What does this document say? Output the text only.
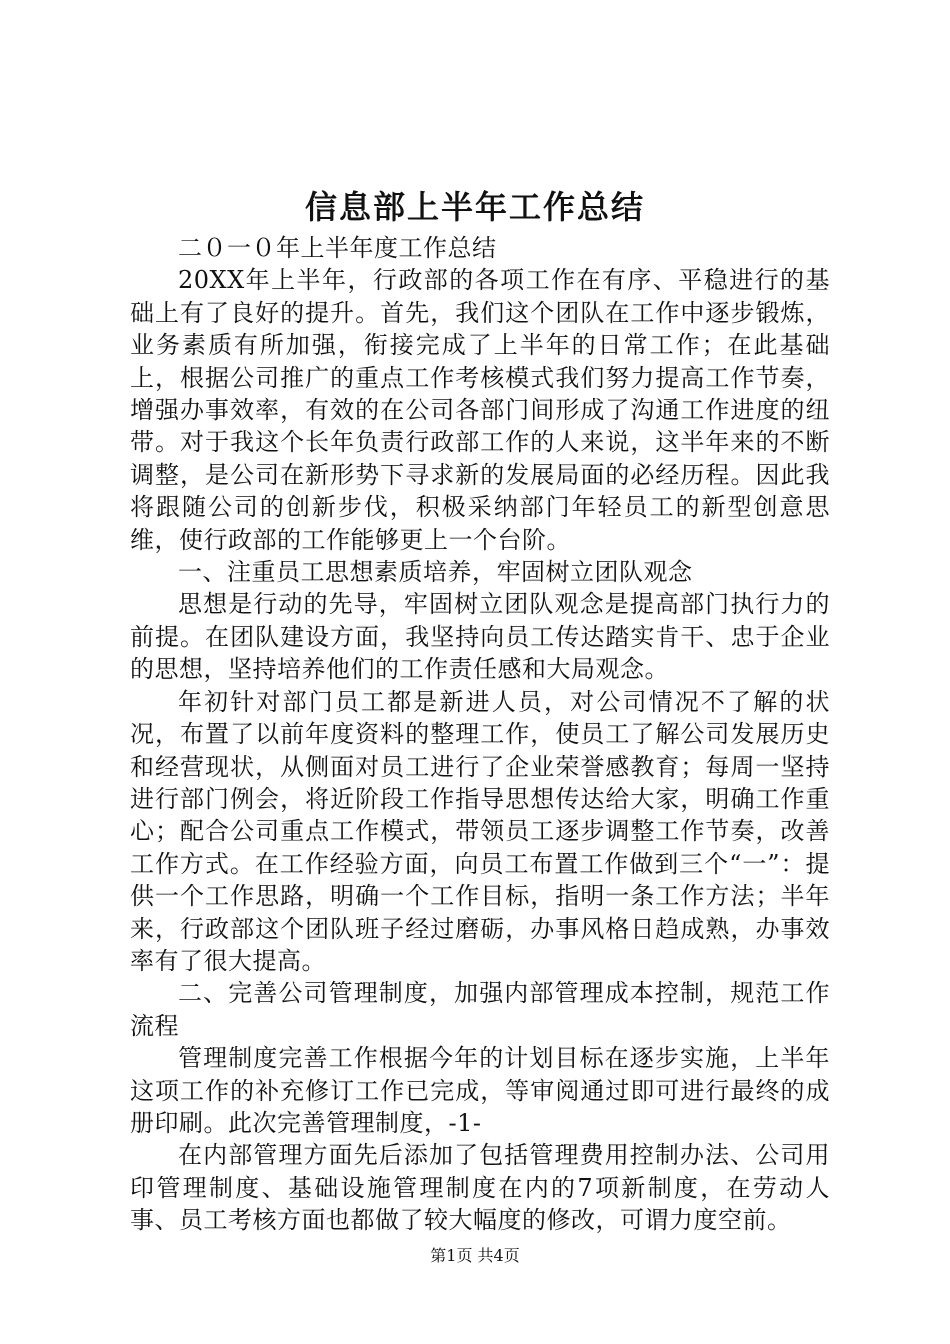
信息部上半年工作总结

二０一０年上半年度工作总结

20XX年上半年，行政部的各项工作在有序、平稳进行的基础上有了良好的提升。首先，我们这个团队在工作中逐步锻炼，业务素质有所加强，衔接完成了上半年的日常工作；在此基础上，根据公司推广的重点工作考核模式我们努力提高工作节奏，增强办事效率，有效的在公司各部门间形成了沟通工作进度的纽带。对于我这个长年负责行政部工作的人来说，这半年来的不断调整，是公司在新形势下寻求新的发展局面的必经历程。因此我将跟随公司的创新步伐，积极采纳部门年轻员工的新型创意思维，使行政部的工作能够更上一个台阶。

一、注重员工思想素质培养，牢固树立团队观念

思想是行动的先导，牢固树立团队观念是提高部门执行力的前提。在团队建设方面，我坚持向员工传达踏实肯干、忠于企业的思想，坚持培养他们的工作责任感和大局观念。

年初针对部门员工都是新进人员，对公司情况不了解的状况，布置了以前年度资料的整理工作，使员工了解公司发展历史和经营现状，从侧面对员工进行了企业荣誉感教育；每周一坚持进行部门例会，将近阶段工作指导思想传达给大家，明确工作重心；配合公司重点工作模式，带领员工逐步调整工作节奏，改善工作方式。在工作经验方面，向员工布置工作做到三个“一”：提供一个工作思路，明确一个工作目标，指明一条工作方法；半年来，行政部这个团队班子经过磨砺，办事风格日趋成熟，办事效率有了很大提高。

二、完善公司管理制度，加强内部管理成本控制，规范工作流程

管理制度完善工作根据今年的计划目标在逐步实施，上半年这项工作的补充修订工作已完成，等审阅通过即可进行最终的成册印刷。此次完善管理制度，-1-

在内部管理方面先后添加了包括管理费用控制办法、公司用印管理制度、基础设施管理制度在内的7项新制度，在劳动人事、员工考核方面也都做了较大幅度的修改，可谓力度空前。

第1页 共4页
